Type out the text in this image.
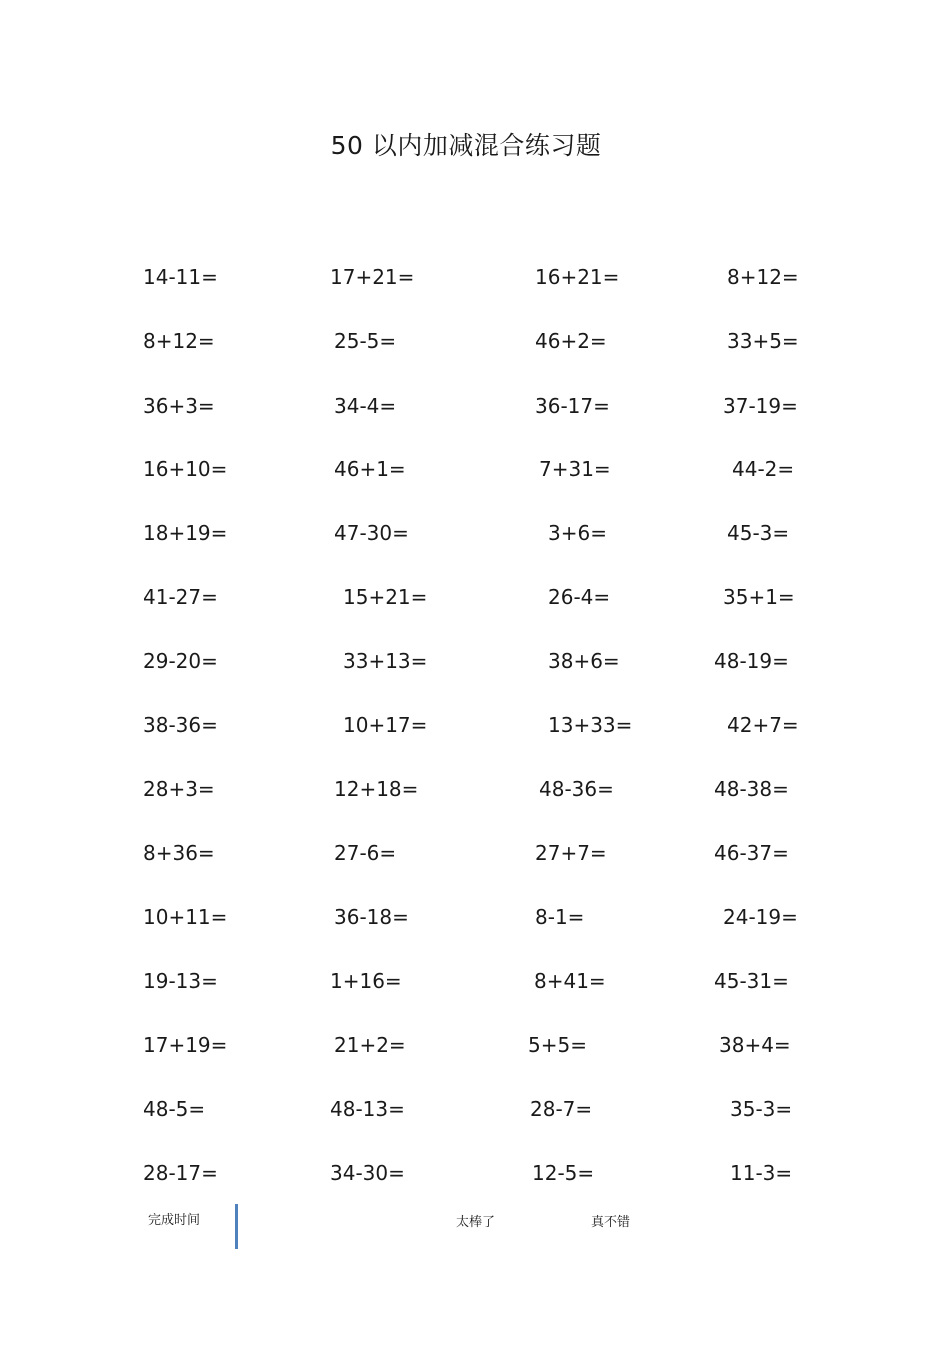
50 以内加减混合练习题
14-11=	17+21=	16+21=	8+12=
8+12=	25-5=	46+2=	33+5=
36+3=	34-4=	36-17=	37-19=
16+10=	46+1=	7+31=	44-2=
18+19=	47-30=	3+6=	45-3=
41-27=	15+21=	26-4=	35+1=
29-20=	33+13=	38+6=	48-19=
38-36=	10+17=	13+33=	42+7=
28+3=	12+18=	48-36=	48-38=
8+36=	27-6=	27+7=	46-37=
10+11=	36-18=	8-1=	24-19=
19-13=	1+16=	8+41=	45-31=
17+19=	21+2=	5+5=	38+4=
48-5=	48-13=	28-7=	35-3=
28-17=	34-30=	12-5=	11-3=
完成时间	太棒了	真不错
